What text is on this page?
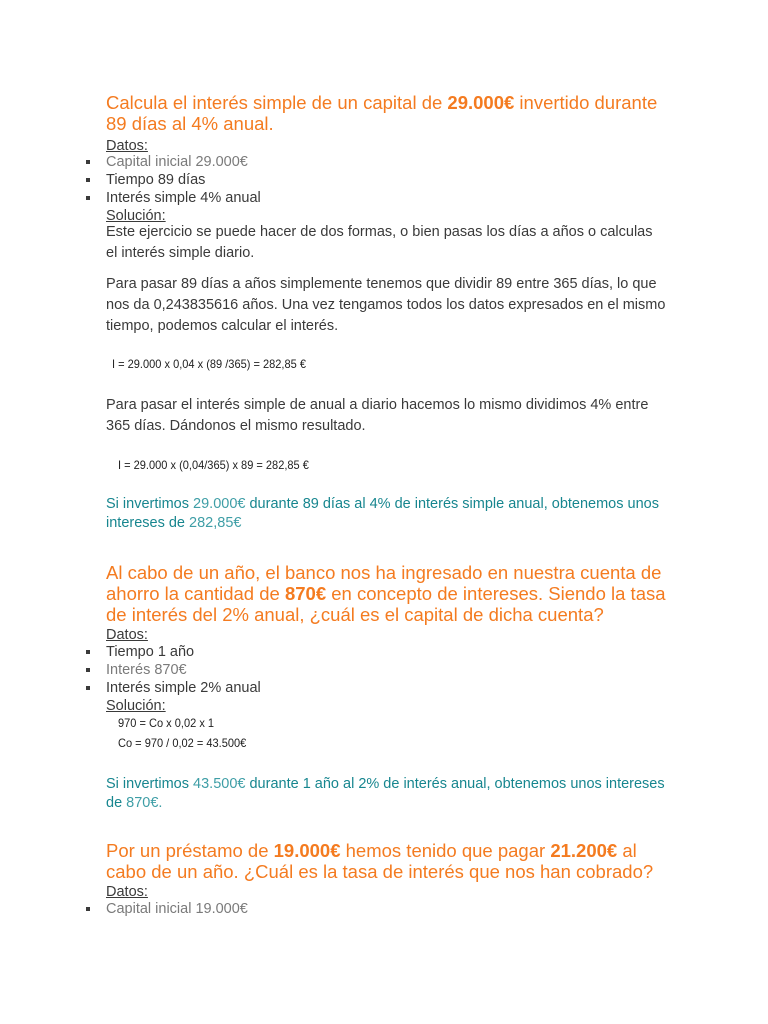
Calcula el interés simple de un capital de 29.000€ invertido durante 89 días al 4% anual.

Datos:
Capital inicial 29.000€
Tiempo 89 días
Interés simple 4% anual
Solución:

Este ejercicio se puede hacer de dos formas, o bien pasas los días a años o calculas el interés simple diario.

Para pasar 89 días a años simplemente tenemos que dividir 89 entre 365 días, lo que nos da 0,243835616 años. Una vez tengamos todos los datos expresados en el mismo tiempo, podemos calcular el interés.

I = 29.000 x 0,04 x (89 /365) = 282,85 €

Para pasar el interés simple de anual a diario hacemos lo mismo dividimos 4% entre 365 días. Dándonos el mismo resultado.

I = 29.000 x (0,04/365) x 89 = 282,85 €

Si invertimos 29.000€ durante 89 días al 4% de interés simple anual, obtenemos unos intereses de 282,85€

Al cabo de un año, el banco nos ha ingresado en nuestra cuenta de ahorro la cantidad de 870€ en concepto de intereses. Siendo la tasa de interés del 2% anual, ¿cuál es el capital de dicha cuenta?

Datos:
Tiempo 1 año
Interés 870€
Interés simple 2% anual
Solución:
970 = Co x 0,02 x 1
Co = 970 / 0,02 = 43.500€

Si invertimos 43.500€ durante 1 año al 2% de interés anual, obtenemos unos intereses de 870€.

Por un préstamo de 19.000€ hemos tenido que pagar 21.200€ al cabo de un año. ¿Cuál es la tasa de interés que nos han cobrado?

Datos:
Capital inicial 19.000€
